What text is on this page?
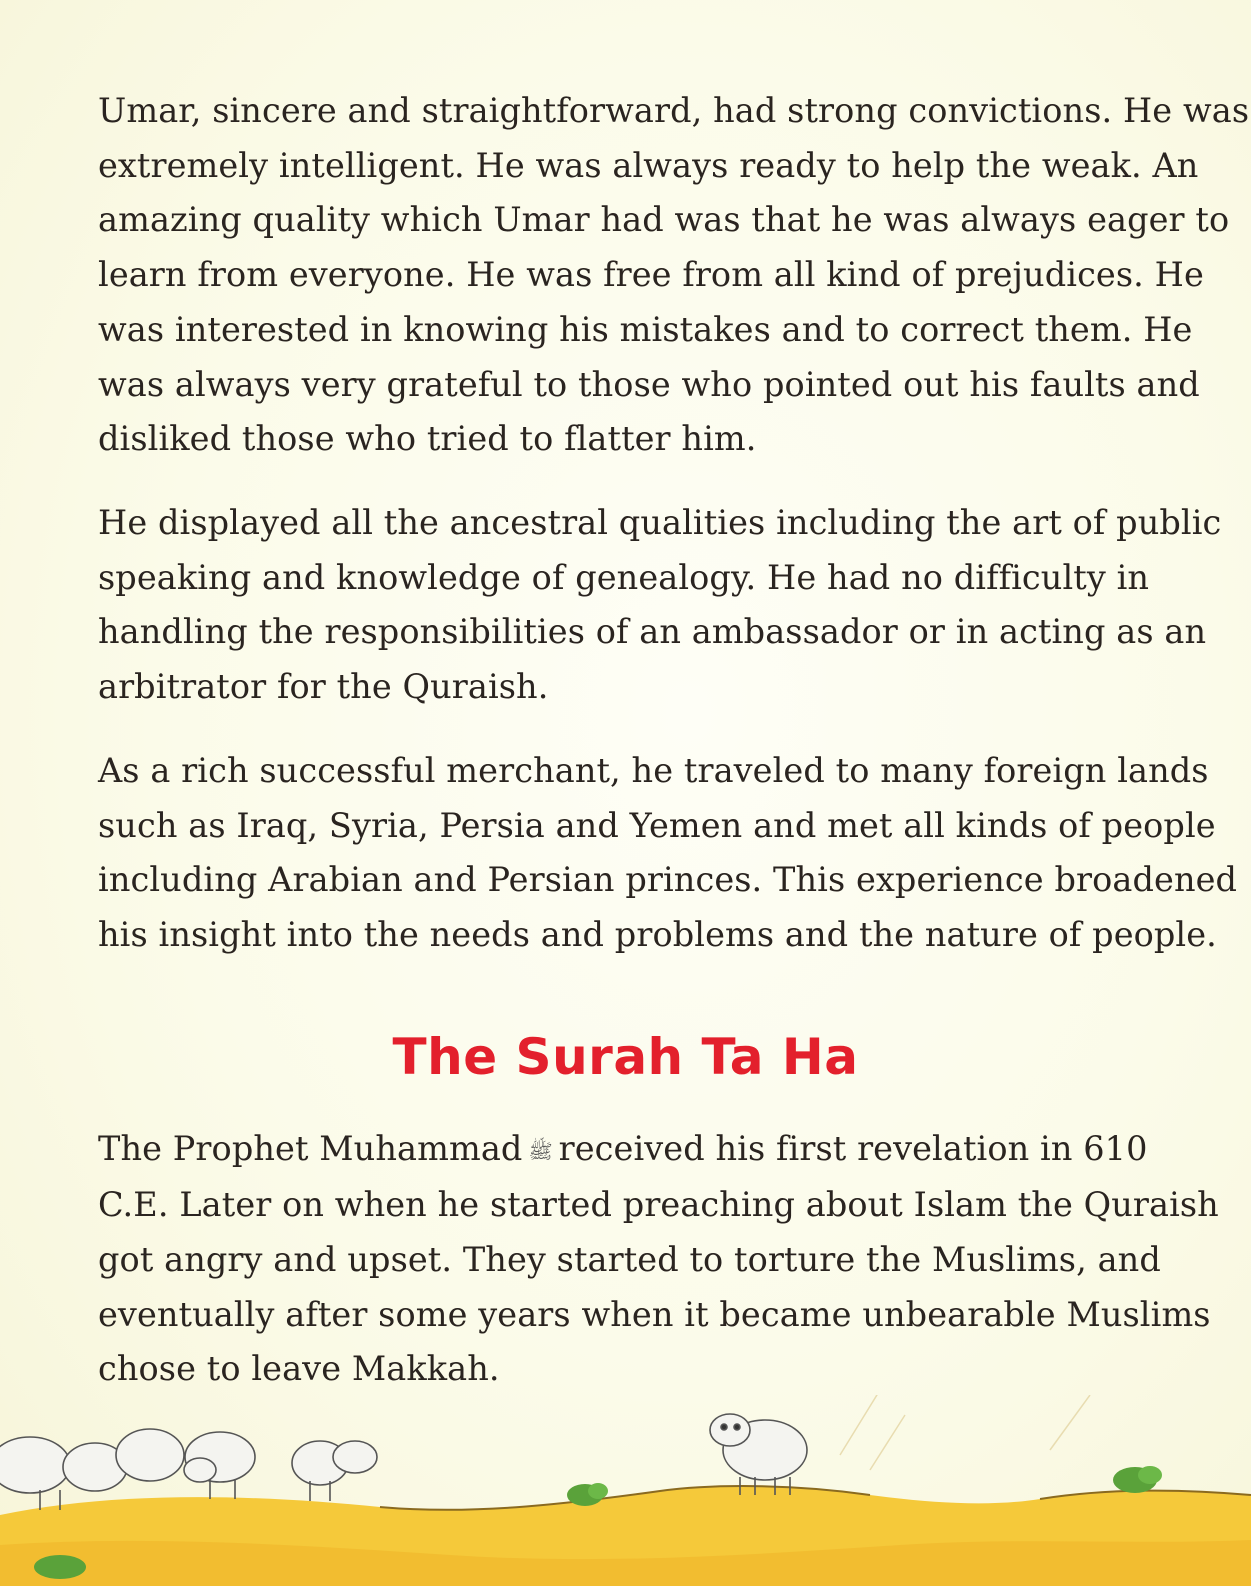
Umar, sincere and straightforward, had strong convictions. He was
extremely intelligent. He was always ready to help the weak. An
amazing quality which Umar had was that he was always eager to
learn from everyone. He was free from all kind of prejudices. He
was interested in knowing his mistakes and to correct them. He
was always very grateful to those who pointed out his faults and
disliked those who tried to flatter him.

He displayed all the ancestral qualities including the art of public
speaking and knowledge of genealogy. He had no difficulty in
handling the responsibilities of an ambassador or in acting as an
arbitrator for the Quraish.

As a rich successful merchant, he traveled to many foreign lands
such as Iraq, Syria, Persia and Yemen and met all kinds of people
including Arabian and Persian princes. This experience broadened
his insight into the needs and problems and the nature of people.

The Surah Ta Ha

The Prophet Muhammad ﷺ received his first revelation in 610
C.E. Later on when he started preaching about Islam the Quraish
got angry and upset. They started to torture the Muslims, and
eventually after some years when it became unbearable Muslims
chose to leave Makkah.
